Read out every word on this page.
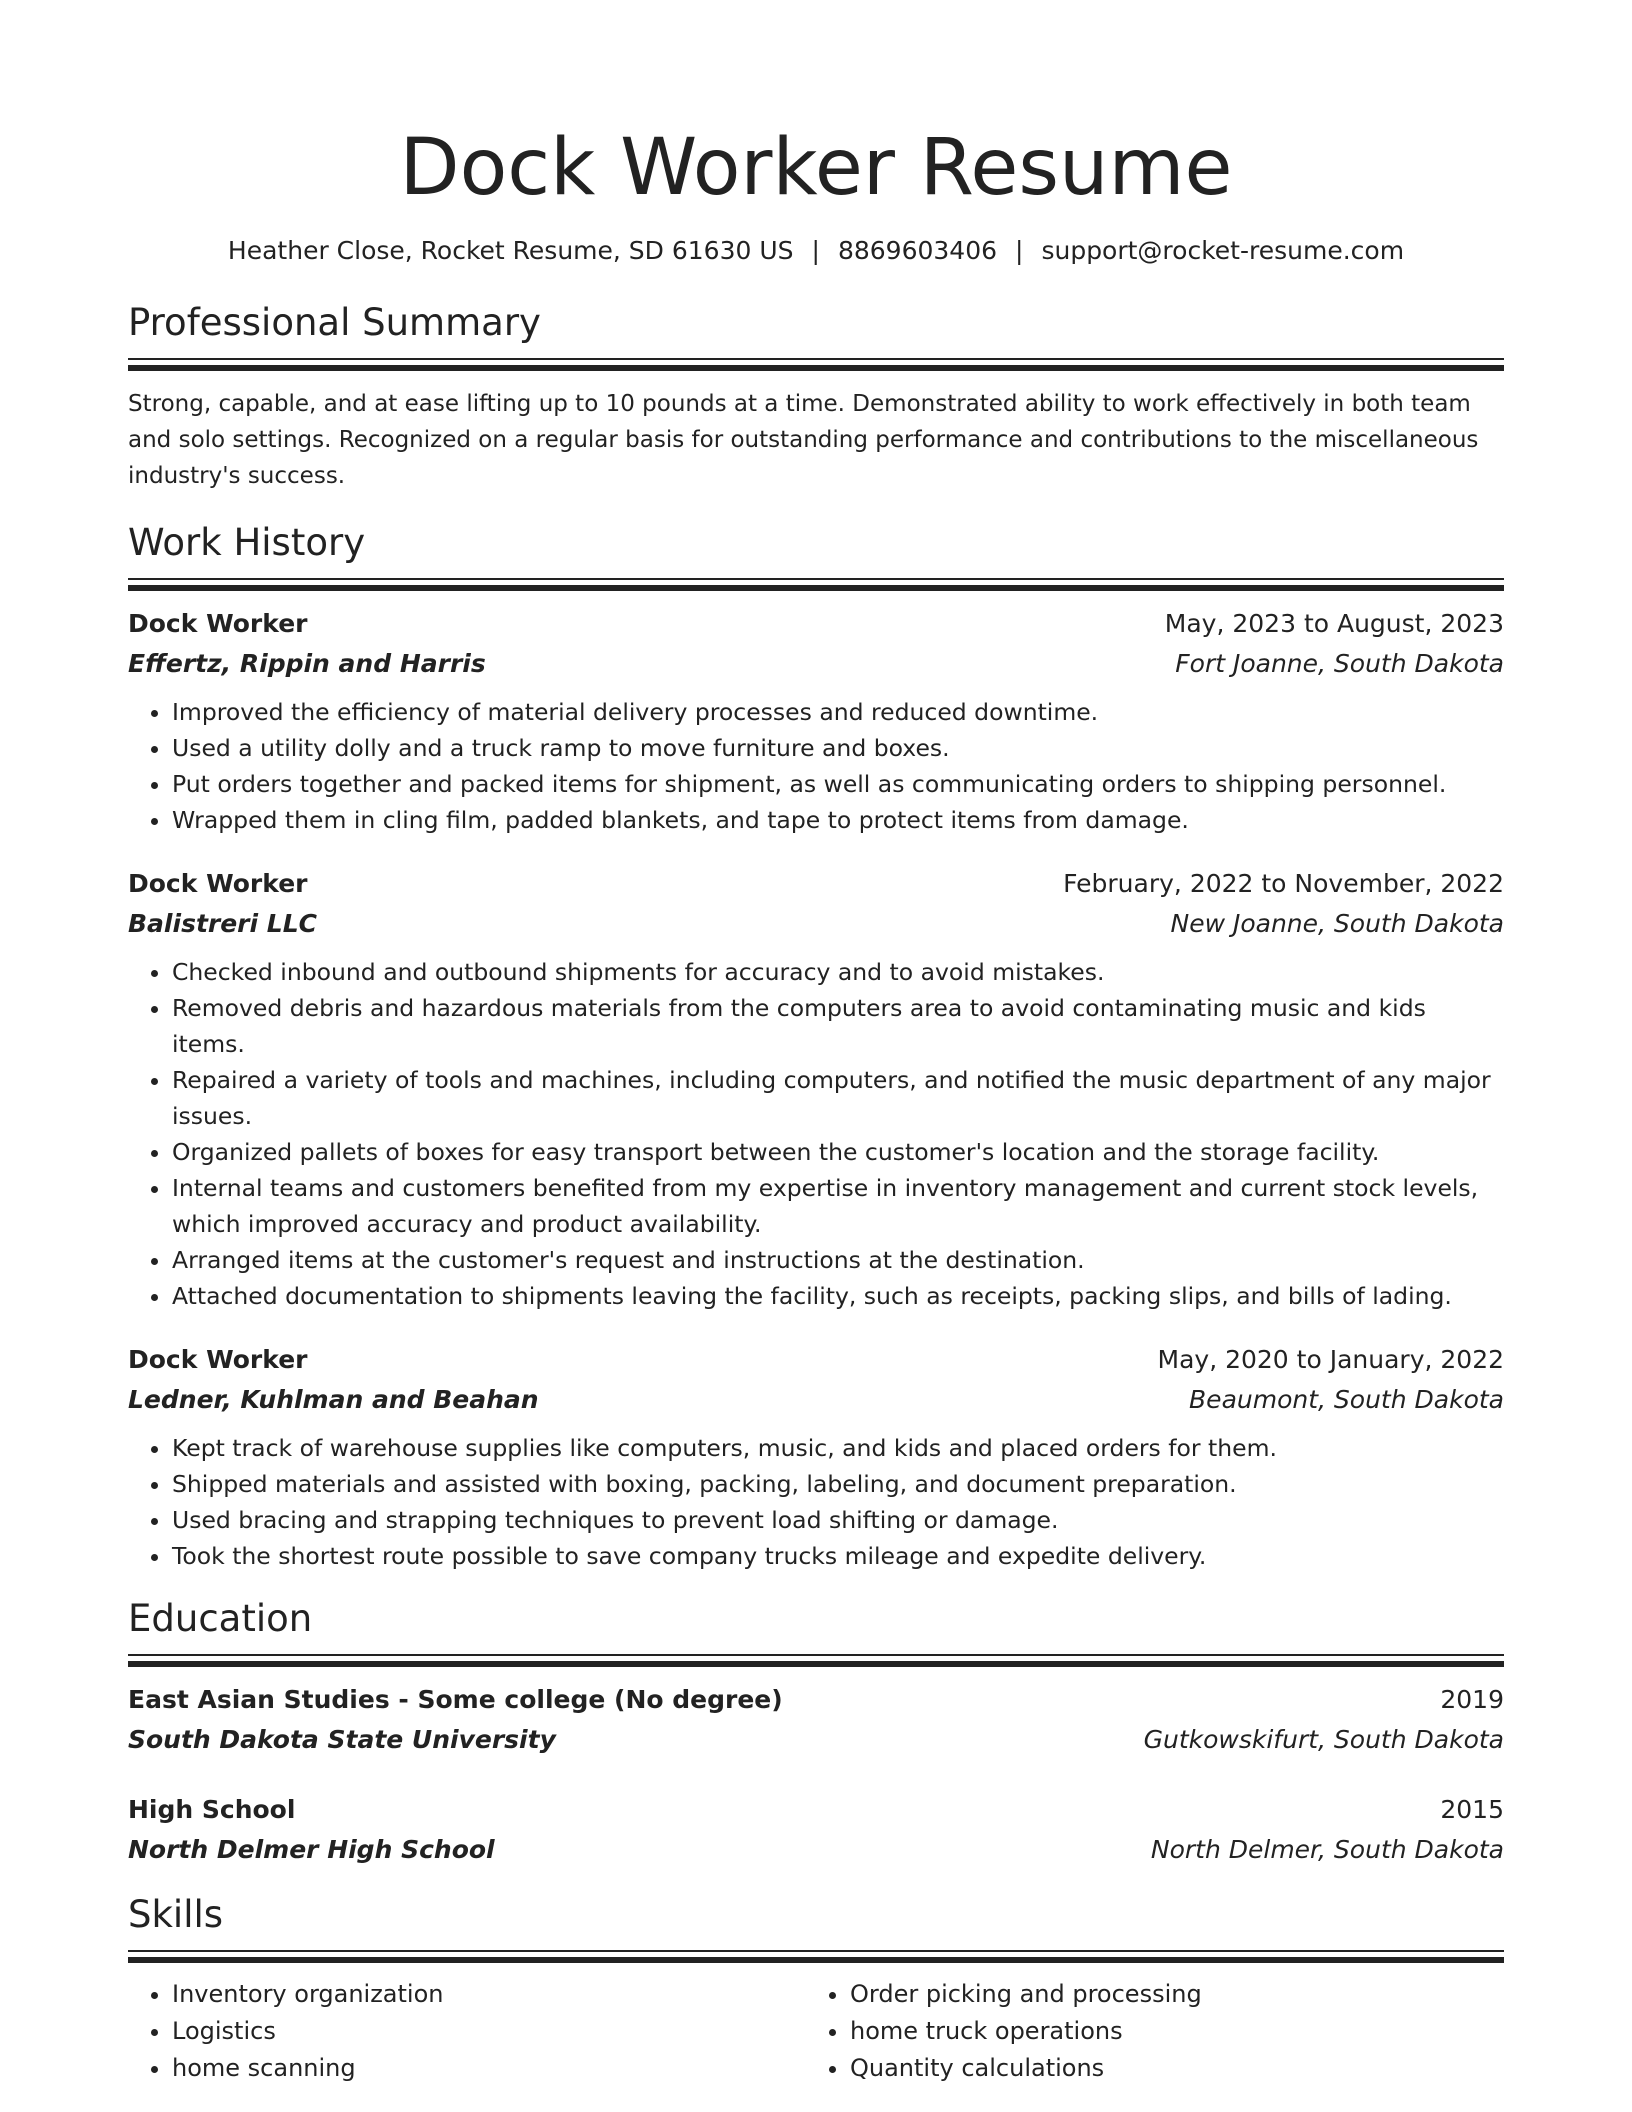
Dock Worker Resume
Heather Close, Rocket Resume, SD 61630 US | 8869603406 | support@rocket-resume.com
Professional Summary
Strong, capable, and at ease lifting up to 10 pounds at a time. Demonstrated ability to work effectively in both team and solo settings. Recognized on a regular basis for outstanding performance and contributions to the miscellaneous industry's success.
Work History
Dock Worker	May, 2023 to August, 2023
Effertz, Rippin and Harris	Fort Joanne, South Dakota
• Improved the efficiency of material delivery processes and reduced downtime.
• Used a utility dolly and a truck ramp to move furniture and boxes.
• Put orders together and packed items for shipment, as well as communicating orders to shipping personnel.
• Wrapped them in cling film, padded blankets, and tape to protect items from damage.
Dock Worker	February, 2022 to November, 2022
Balistreri LLC	New Joanne, South Dakota
• Checked inbound and outbound shipments for accuracy and to avoid mistakes.
• Removed debris and hazardous materials from the computers area to avoid contaminating music and kids items.
• Repaired a variety of tools and machines, including computers, and notified the music department of any major issues.
• Organized pallets of boxes for easy transport between the customer's location and the storage facility.
• Internal teams and customers benefited from my expertise in inventory management and current stock levels, which improved accuracy and product availability.
• Arranged items at the customer's request and instructions at the destination.
• Attached documentation to shipments leaving the facility, such as receipts, packing slips, and bills of lading.
Dock Worker	May, 2020 to January, 2022
Ledner, Kuhlman and Beahan	Beaumont, South Dakota
• Kept track of warehouse supplies like computers, music, and kids and placed orders for them.
• Shipped materials and assisted with boxing, packing, labeling, and document preparation.
• Used bracing and strapping techniques to prevent load shifting or damage.
• Took the shortest route possible to save company trucks mileage and expedite delivery.
Education
East Asian Studies - Some college (No degree)	2019
South Dakota State University	Gutkowskifurt, South Dakota
High School	2015
North Delmer High School	North Delmer, South Dakota
Skills
• Inventory organization
• Logistics
• home scanning
• Order picking and processing
• home truck operations
• Quantity calculations
